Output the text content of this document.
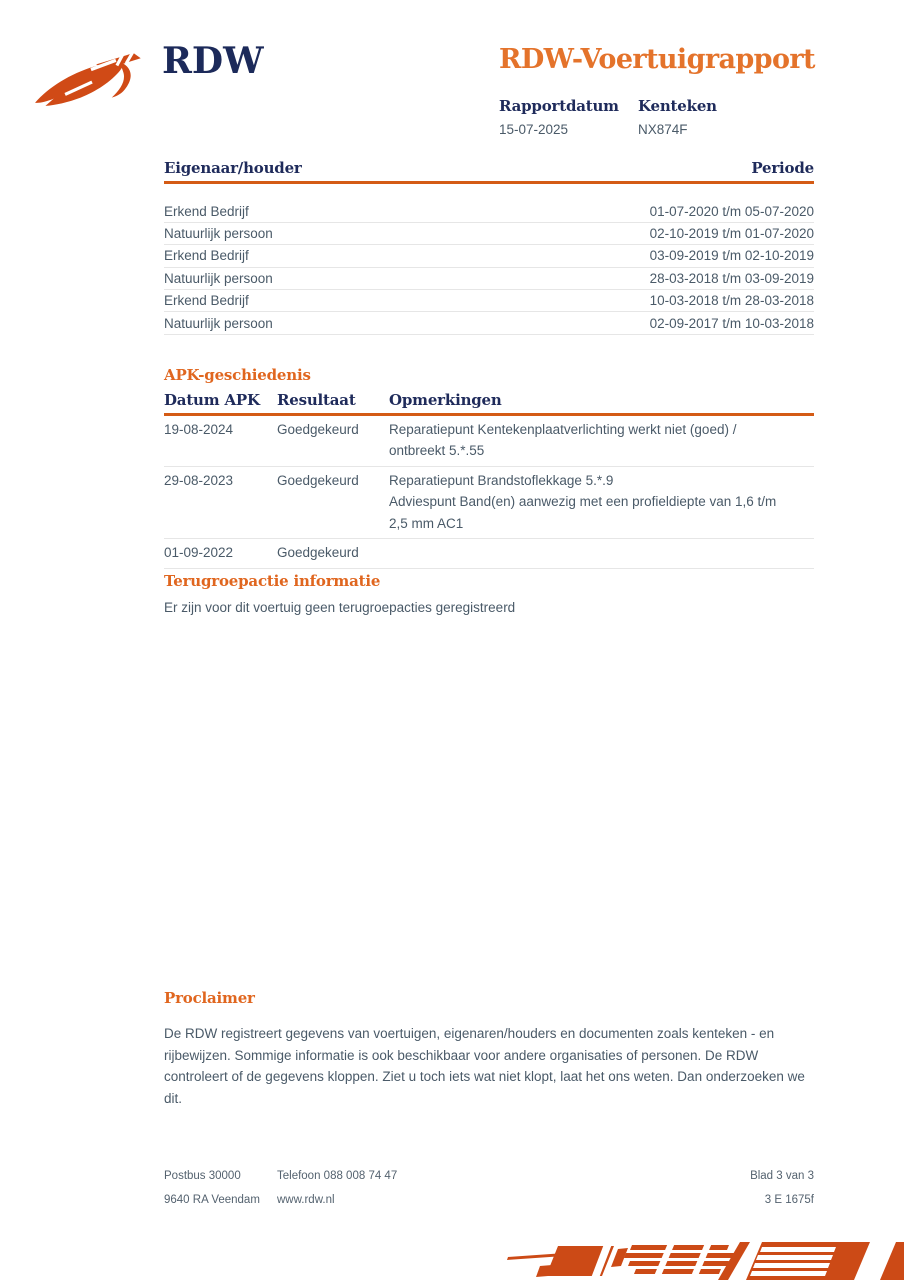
RDW	RDW-Voertuigrapport
Rapportdatum
15-07-2025
Kenteken
NX874F
Eigenaar/houder	Periode
Erkend Bedrijf	01-07-2020 t/m 05-07-2020
Natuurlijk persoon	02-10-2019 t/m 01-07-2020
Erkend Bedrijf	03-09-2019 t/m 02-10-2019
Natuurlijk persoon	28-03-2018 t/m 03-09-2019
Erkend Bedrijf	10-03-2018 t/m 28-03-2018
Natuurlijk persoon	02-09-2017 t/m 10-03-2018
APK-geschiedenis
Datum APK	Resultaat	Opmerkingen
19-08-2024	Goedgekeurd	Reparatiepunt Kentekenplaatverlichting werkt niet (goed) /
ontbreekt 5.*.55
29-08-2023	Goedgekeurd	Reparatiepunt Brandstoflekkage 5.*.9
Adviespunt Band(en) aanwezig met een profieldiepte van 1,6 t/m
2,5 mm AC1
01-09-2022	Goedgekeurd
Terugroepactie informatie
Er zijn voor dit voertuig geen terugroepacties geregistreerd
Proclaimer
De RDW registreert gegevens van voertuigen, eigenaren/houders en documenten zoals kenteken - en rijbewijzen. Sommige informatie is ook beschikbaar voor andere organisaties of personen. De RDW controleert of de gegevens kloppen. Ziet u toch iets wat niet klopt, laat het ons weten. Dan onderzoeken we dit.
Postbus 30000	Telefoon 088 008 74 47	Blad 3 van 3
9640 RA Veendam	www.rdw.nl	3 E 1675f
